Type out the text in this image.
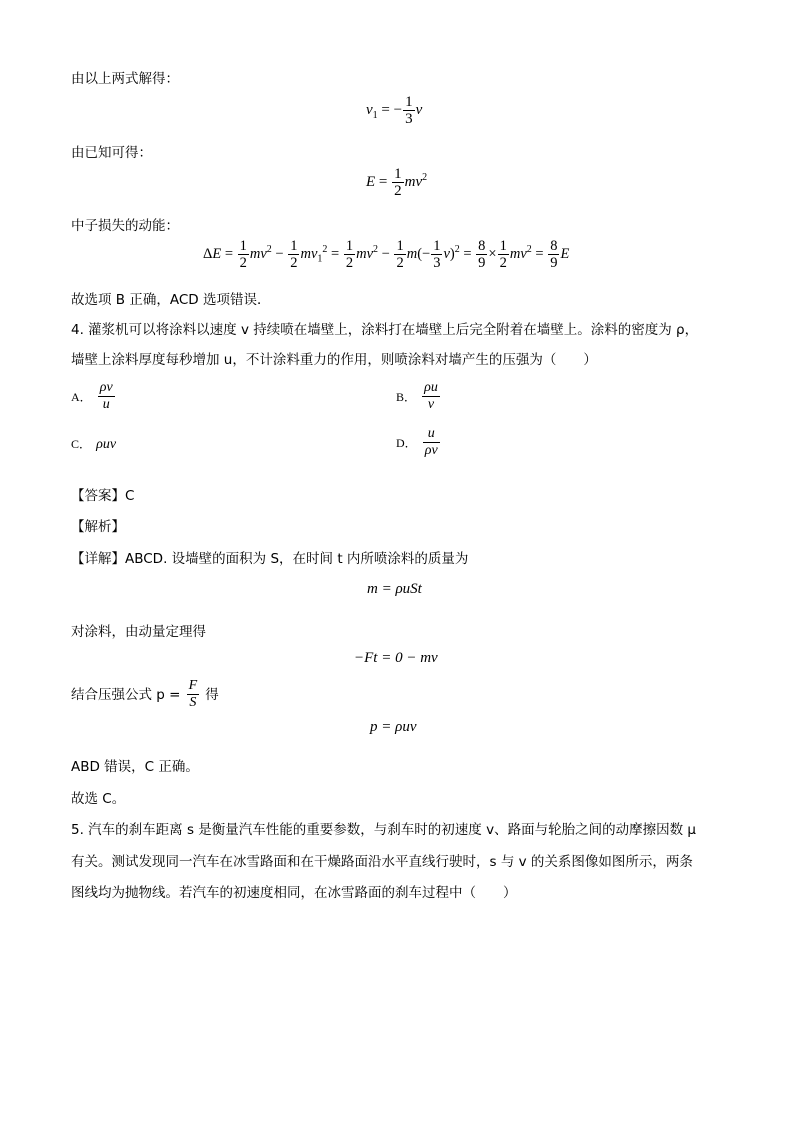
由以上两式解得：
$v_1$ = − $\frac{1}{3}$ v
由已知可得：
$E = \frac{1}{2} mv^2$
中子损失的动能：
$\Delta E = \frac{1}{2} mv^2 - \frac{1}{2} mv_1^2 = \frac{1}{2} mv^2 - \frac{1}{2} m(- \frac{1}{3} v)^2 = \frac{8}{9} \times \frac{1}{2} mv^2 = \frac{8}{9}$ E
故选项 B 正确，ACD 选项错误．
4. 灌浆机可以将涂料以速度 v 持续喷在墙壁上，涂料打在墙壁上后完全附着在墙壁上。涂料的密度为 ρ，
墙壁上涂料厚度每秒增加 u，不计涂料重力的作用，则喷涂料对墙产生的压强为（　　）
A． $\frac{\rho v}{u}$	B． $\frac{\rho u}{v}$
C． ρuv	D． $\frac{u}{\rho v}$
【答案】C
【解析】
【详解】ABCD. 设墙壁的面积为 S，在时间 t 内所喷涂料的质量为
m = ρuSt
对涂料，由动量定理得
−Ft = 0 − mv
结合压强公式 $p = \frac{F}{S}$ 得
p = ρuv
ABD 错误，C 正确。
故选 C。
5. 汽车的刹车距离 s 是衡量汽车性能的重要参数，与刹车时的初速度 v、路面与轮胎之间的动摩擦因数 μ
有关。测试发现同一汽车在冰雪路面和在干燥路面沿水平直线行驶时，s 与 v 的关系图像如图所示，两条
图线均为抛物线。若汽车的初速度相同，在冰雪路面的刹车过程中（　　）
